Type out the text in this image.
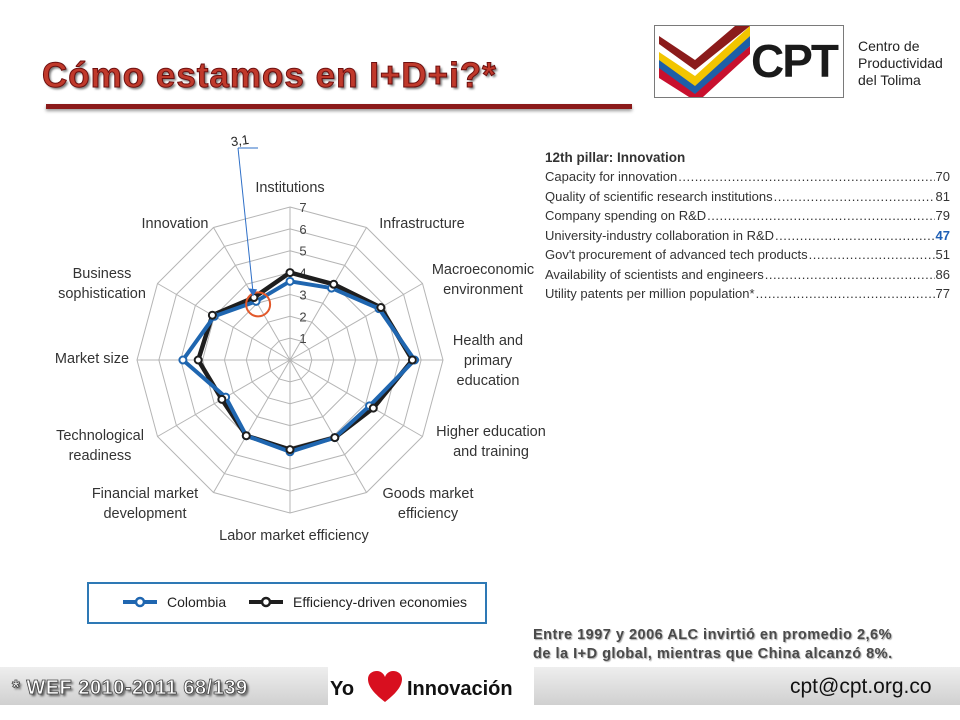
Cómo estamos en I+D+i?*	CPT Centro de
Productividad
del Tolima
1
2
3
4
5
6
7
Institutions
Infrastructure
Macroeconomic
environment
Health and
primary
education
Higher education
and training
Goods market
efficiency
Labor market efficiency
Financial market
development
Technological
readiness
Market size
Business
sophistication
Innovation
3,1
12th pillar: Innovation
Capacity for innovation .....	70
Quality of scientific research institutions .....	81
Company spending on R&D .....	79
University-industry collaboration in R&D .....	47
Gov't procurement of advanced tech products .....	51
Availability of scientists and engineers .....	86
Utility patents per million population* .....	77
Colombia	Efficiency-driven economies
Entre 1997 y 2006 ALC invirtió en promedio 2,6%
de la I+D global, mientras que China alcanzó 8%.
* WEF 2010-2011 68/139	Yo	Innovación	cpt@cpt.org.co
